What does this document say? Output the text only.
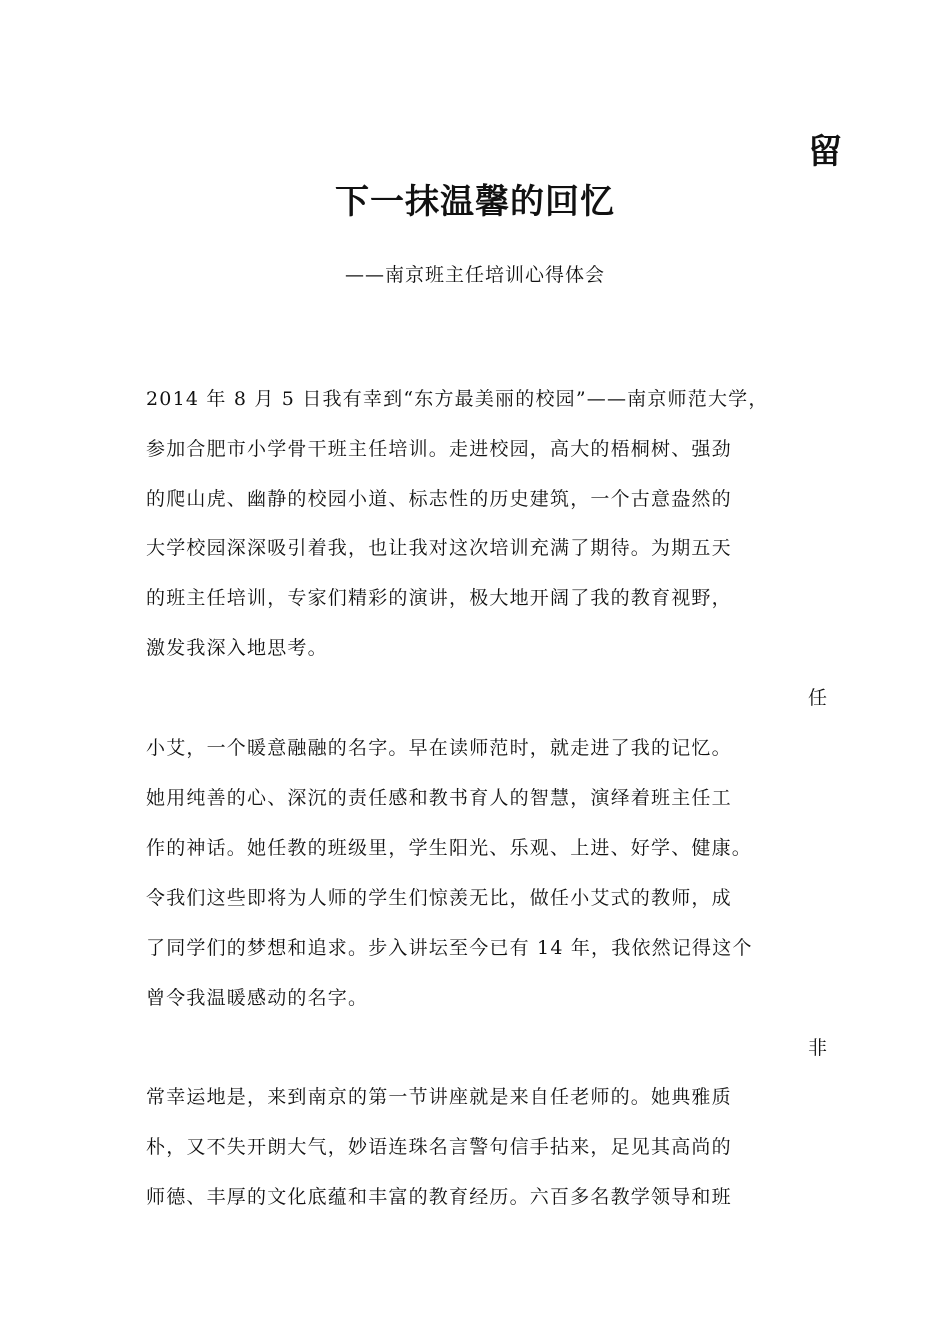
留
下一抹温馨的回忆
——南京班主任培训心得体会
2014 年 8 月 5 日我有幸到“东方最美丽的校园”——南京师范大学，
参加合肥市小学骨干班主任培训。走进校园，高大的梧桐树、强劲
的爬山虎、幽静的校园小道、标志性的历史建筑，一个古意盎然的
大学校园深深吸引着我，也让我对这次培训充满了期待。为期五天
的班主任培训，专家们精彩的演讲，极大地开阔了我的教育视野，
激发我深入地思考。
任
小艾，一个暖意融融的名字。早在读师范时，就走进了我的记忆。
她用纯善的心、深沉的责任感和教书育人的智慧，演绎着班主任工
作的神话。她任教的班级里，学生阳光、乐观、上进、好学、健康。
令我们这些即将为人师的学生们惊羡无比，做任小艾式的教师，成
了同学们的梦想和追求。步入讲坛至今已有 14 年，我依然记得这个
曾令我温暖感动的名字。
非
常幸运地是，来到南京的第一节讲座就是来自任老师的。她典雅质
朴，又不失开朗大气，妙语连珠名言警句信手拈来，足见其高尚的
师德、丰厚的文化底蕴和丰富的教育经历。六百多名教学领导和班
